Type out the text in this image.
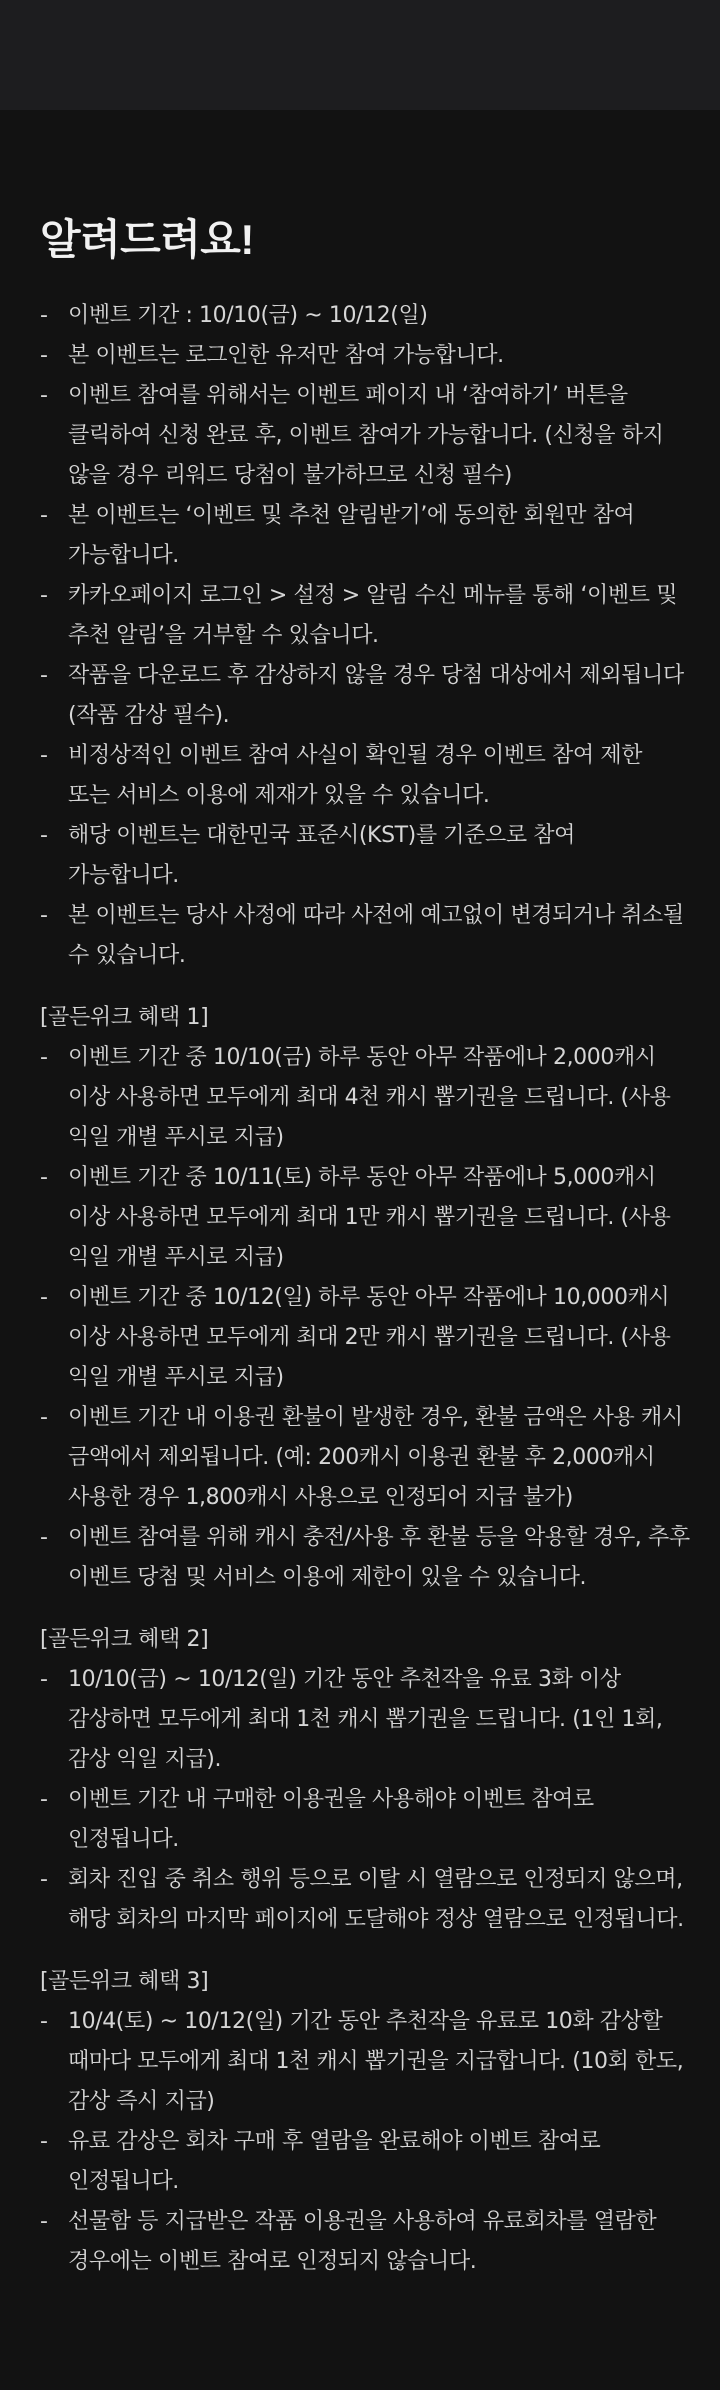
알려드려요!
- 이벤트 기간 : 10/10(금) ~ 10/12(일)
- 본 이벤트는 로그인한 유저만 참여 가능합니다.
- 이벤트 참여를 위해서는 이벤트 페이지 내 ‘참여하기’ 버튼을 클릭하여 신청 완료 후, 이벤트 참여가 가능합니다. (신청을 하지 않을 경우 리워드 당첨이 불가하므로 신청 필수)
- 본 이벤트는 ‘이벤트 및 추천 알림받기’에 동의한 회원만 참여 가능합니다.
- 카카오페이지 로그인 > 설정 > 알림 수신 메뉴를 통해 ‘이벤트 및 추천 알림’을 거부할 수 있습니다.
- 작품을 다운로드 후 감상하지 않을 경우 당첨 대상에서 제외됩니다 (작품 감상 필수).
- 비정상적인 이벤트 참여 사실이 확인될 경우 이벤트 참여 제한 또는 서비스 이용에 제재가 있을 수 있습니다.
- 해당 이벤트는 대한민국 표준시(KST)를 기준으로 참여 가능합니다.
- 본 이벤트는 당사 사정에 따라 사전에 예고없이 변경되거나 취소될 수 있습니다.
[골든위크 혜택 1]
- 이벤트 기간 중 10/10(금) 하루 동안 아무 작품에나 2,000캐시 이상 사용하면 모두에게 최대 4천 캐시 뽑기권을 드립니다. (사용 익일 개별 푸시로 지급)
- 이벤트 기간 중 10/11(토) 하루 동안 아무 작품에나 5,000캐시 이상 사용하면 모두에게 최대 1만 캐시 뽑기권을 드립니다. (사용 익일 개별 푸시로 지급)
- 이벤트 기간 중 10/12(일) 하루 동안 아무 작품에나 10,000캐시 이상 사용하면 모두에게 최대 2만 캐시 뽑기권을 드립니다. (사용 익일 개별 푸시로 지급)
- 이벤트 기간 내 이용권 환불이 발생한 경우, 환불 금액은 사용 캐시 금액에서 제외됩니다. (예: 200캐시 이용권 환불 후 2,000캐시 사용한 경우 1,800캐시 사용으로 인정되어 지급 불가)
- 이벤트 참여를 위해 캐시 충전/사용 후 환불 등을 악용할 경우, 추후 이벤트 당첨 및 서비스 이용에 제한이 있을 수 있습니다.
[골든위크 혜택 2]
- 10/10(금) ~ 10/12(일) 기간 동안 추천작을 유료 3화 이상 감상하면 모두에게 최대 1천 캐시 뽑기권을 드립니다. (1인 1회, 감상 익일 지급).
- 이벤트 기간 내 구매한 이용권을 사용해야 이벤트 참여로 인정됩니다.
- 회차 진입 중 취소 행위 등으로 이탈 시 열람으로 인정되지 않으며, 해당 회차의 마지막 페이지에 도달해야 정상 열람으로 인정됩니다.
[골든위크 혜택 3]
- 10/4(토) ~ 10/12(일) 기간 동안 추천작을 유료로 10화 감상할 때마다 모두에게 최대 1천 캐시 뽑기권을 지급합니다. (10회 한도, 감상 즉시 지급)
- 유료 감상은 회차 구매 후 열람을 완료해야 이벤트 참여로 인정됩니다.
- 선물함 등 지급받은 작품 이용권을 사용하여 유료회차를 열람한 경우에는 이벤트 참여로 인정되지 않습니다.
